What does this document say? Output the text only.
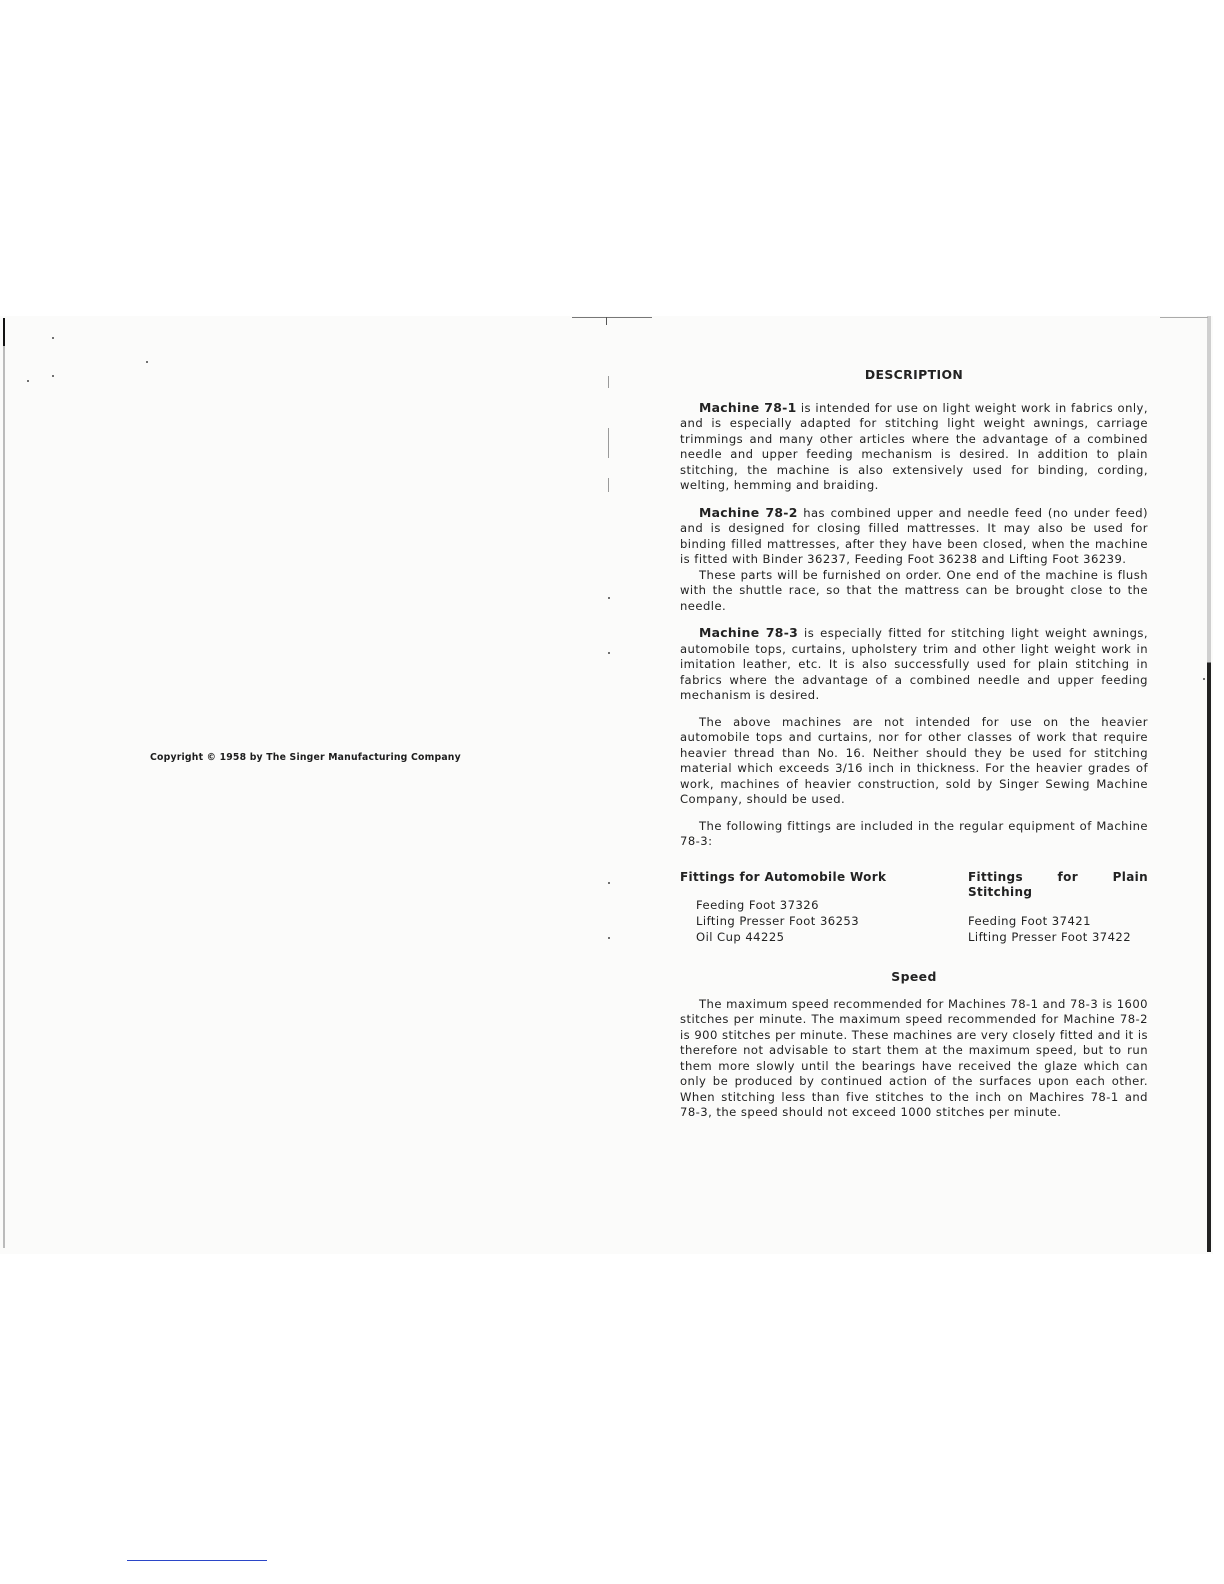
Copyright © 1958 by The Singer Manufacturing Company
DESCRIPTION

Machine 78-1 is intended for use on light weight work in fabrics only, and is especially adapted for stitching light weight awnings, carriage trimmings and many other articles where the advantage of a combined needle and upper feeding mechanism is desired. In addition to plain stitching, the machine is also extensively used for binding, cording, welting, hemming and braiding.

Machine 78-2 has combined upper and needle feed (no under feed) and is designed for closing filled mattresses. It may also be used for binding filled mattresses, after they have been closed, when the machine is fitted with Binder 36237, Feeding Foot 36238 and Lifting Foot 36239.

These parts will be furnished on order. One end of the machine is flush with the shuttle race, so that the mattress can be brought close to the needle.

Machine 78-3 is especially fitted for stitching light weight awnings, automobile tops, curtains, upholstery trim and other light weight work in imitation leather, etc. It is also successfully used for plain stitching in fabrics where the advantage of a combined needle and upper feeding mechanism is desired.

The above machines are not intended for use on the heavier automobile tops and curtains, nor for other classes of work that require heavier thread than No. 16. Neither should they be used for stitching material which exceeds 3/16 inch in thickness. For the heavier grades of work, machines of heavier construction, sold by Singer Sewing Machine Company, should be used.

The following fittings are included in the regular equipment of Machine 78-3:

Fittings for Automobile Work
Feeding Foot 37326
Lifting Presser Foot 36253
Oil Cup 44225
Fittings for Plain Stitching
Feeding Foot 37421
Lifting Presser Foot 37422
Speed

The maximum speed recommended for Machines 78-1 and 78-3 is 1600 stitches per minute. The maximum speed recommended for Machine 78-2 is 900 stitches per minute. These machines are very closely fitted and it is therefore not advisable to start them at the maximum speed, but to run them more slowly until the bearings have received the glaze which can only be produced by continued action of the surfaces upon each other. When stitching less than five stitches to the inch on Machires 78-1 and 78-3, the speed should not exceed 1000 stitches per minute.
